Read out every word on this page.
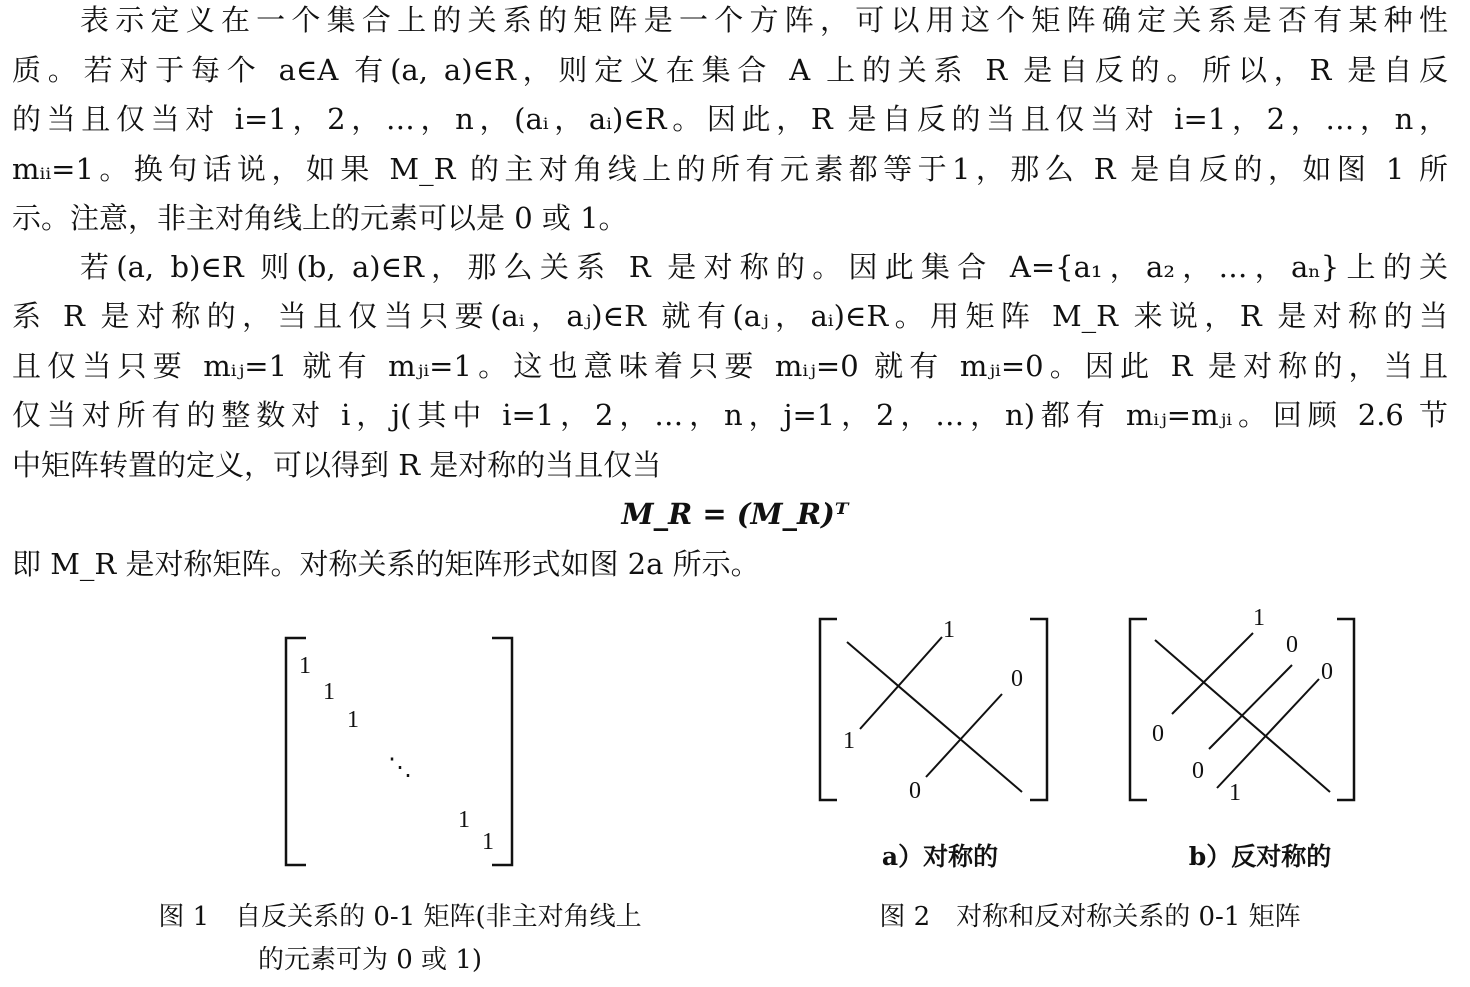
表示定义在一个集合上的关系的矩阵是一个方阵，可以用这个矩阵确定关系是否有某种性
质。若对于每个 a∈A 有(a, a)∈R，则定义在集合 A 上的关系 R 是自反的。所以，R 是自反
的当且仅当对 i=1，2，…，n，(aᵢ，aᵢ)∈R。因此，R 是自反的当且仅当对 i=1，2，…，n，
mᵢᵢ=1。换句话说，如果 M_R 的主对角线上的所有元素都等于1，那么 R 是自反的，如图 1 所
示。注意，非主对角线上的元素可以是 0 或 1。
若(a, b)∈R 则(b, a)∈R，那么关系 R 是对称的。因此集合 A={a₁，a₂，…，aₙ}上的关
系 R 是对称的，当且仅当只要(aᵢ，aⱼ)∈R 就有(aⱼ，aᵢ)∈R。用矩阵 M_R 来说，R 是对称的当
且仅当只要 mᵢⱼ=1 就有 mⱼᵢ=1。这也意味着只要 mᵢⱼ=0 就有 mⱼᵢ=0。因此 R 是对称的，当且
仅当对所有的整数对 i，j(其中 i=1，2，…，n，j=1，2，…，n)都有 mᵢⱼ=mⱼᵢ。回顾 2.6 节
中矩阵转置的定义，可以得到 R 是对称的当且仅当
M_R = (M_R)ᵀ
即 M_R 是对称矩阵。对称关系的矩阵形式如图 2a 所示。
1
1
1
⋱
1
1
1
0
1
0
1
0
0
0
0
1
a）对称的	b）反对称的
图 1　自反关系的 0-1 矩阵(非主对角线上
的元素可为 0 或 1)
图 2　对称和反对称关系的 0-1 矩阵
